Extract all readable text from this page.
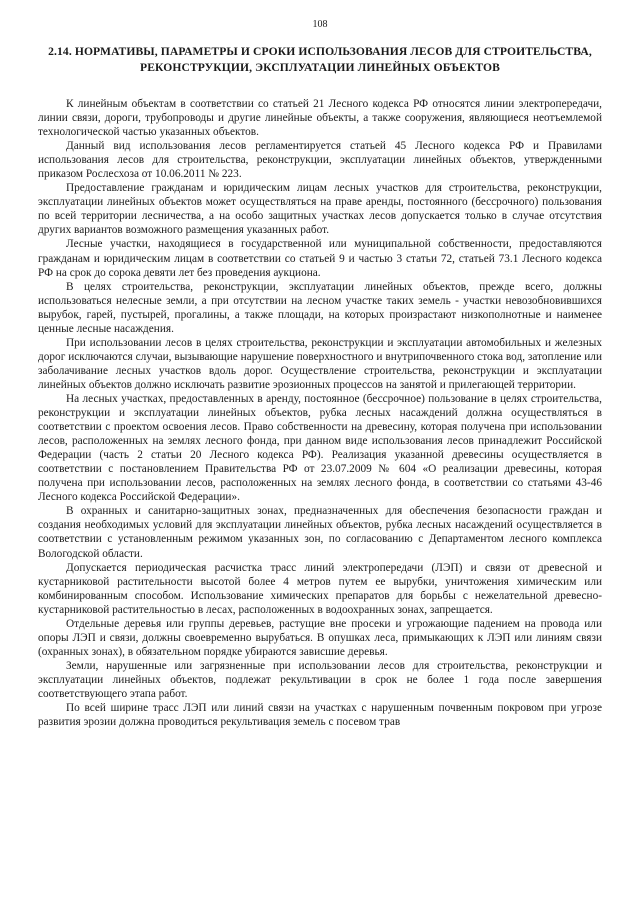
108
2.14. НОРМАТИВЫ, ПАРАМЕТРЫ И СРОКИ ИСПОЛЬЗОВАНИЯ ЛЕСОВ ДЛЯ СТРОИТЕЛЬСТВА, РЕКОНСТРУКЦИИ, ЭКСПЛУАТАЦИИ ЛИНЕЙНЫХ ОБЪЕКТОВ

К линейным объектам в соответствии со статьей 21 Лесного кодекса РФ относятся линии электропередачи, линии связи, дороги, трубопроводы и другие линейные объекты, а также сооружения, являющиеся неотъемлемой технологической частью указанных объектов.

Данный вид использования лесов регламентируется статьей 45 Лесного кодекса РФ и Правилами использования лесов для строительства, реконструкции, эксплуатации линейных объектов, утвержденными приказом Рослесхоза от 10.06.2011 № 223.

Предоставление гражданам и юридическим лицам лесных участков для строительства, реконструкции, эксплуатации линейных объектов может осуществляться на праве аренды, постоянного (бессрочного) пользования по всей территории лесничества, а на особо защитных участках лесов допускается только в случае отсутствия других вариантов возможного размещения указанных работ.

Лесные участки, находящиеся в государственной или муниципальной собственности, предоставляются гражданам и юридическим лицам в соответствии со статьей 9 и частью 3 статьи 72, статьей 73.1 Лесного кодекса РФ на срок до сорока девяти лет без проведения аукциона.

В целях строительства, реконструкции, эксплуатации линейных объектов, прежде всего, должны использоваться нелесные земли, а при отсутствии на лесном участке таких земель - участки невозобновившихся вырубок, гарей, пустырей, прогалины, а также площади, на которых произрастают низкополнотные и наименее ценные лесные насаждения.

При использовании лесов в целях строительства, реконструкции и эксплуатации автомобильных и железных дорог исключаются случаи, вызывающие нарушение поверхностного и внутрипочвенного стока вод, затопление или заболачивание лесных участков вдоль дорог. Осуществление строительства, реконструкции и эксплуатации линейных объектов должно исключать развитие эрозионных процессов на занятой и прилегающей территории.

На лесных участках, предоставленных в аренду, постоянное (бессрочное) пользование в целях строительства, реконструкции и эксплуатации линейных объектов, рубка лесных насаждений должна осуществляться в соответствии с проектом освоения лесов. Право собственности на древесину, которая получена при использовании лесов, расположенных на землях лесного фонда, при данном виде использования лесов принадлежит Российской Федерации (часть 2 статьи 20 Лесного кодекса РФ). Реализация указанной древесины осуществляется в соответствии с постановлением Правительства РФ от 23.07.2009 № 604 «О реализации древесины, которая получена при использовании лесов, расположенных на землях лесного фонда, в соответствии со статьями 43-46 Лесного кодекса Российской Федерации».

В охранных и санитарно-защитных зонах, предназначенных для обеспечения безопасности граждан и создания необходимых условий для эксплуатации линейных объектов, рубка лесных насаждений осуществляется в соответствии с установленным режимом указанных зон, по согласованию с Департаментом лесного комплекса Вологодской области.

Допускается периодическая расчистка трасс линий электропередачи (ЛЭП) и связи от древесной и кустарниковой растительности высотой более 4 метров путем ее вырубки, уничтожения химическим или комбинированным способом. Использование химических препаратов для борьбы с нежелательной древесно-кустарниковой растительностью в лесах, расположенных в водоохранных зонах, запрещается.

Отдельные деревья или группы деревьев, растущие вне просеки и угрожающие падением на провода или опоры ЛЭП и связи, должны своевременно вырубаться. В опушках леса, примыкающих к ЛЭП или линиям связи (охранных зонах), в обязательном порядке убираются зависшие деревья.

Земли, нарушенные или загрязненные при использовании лесов для строительства, реконструкции и эксплуатации линейных объектов, подлежат рекультивации в срок не более 1 года после завершения соответствующего этапа работ.

По всей ширине трасс ЛЭП или линий связи на участках с нарушенным почвенным покровом при угрозе развития эрозии должна проводиться рекультивация земель с посевом трав
